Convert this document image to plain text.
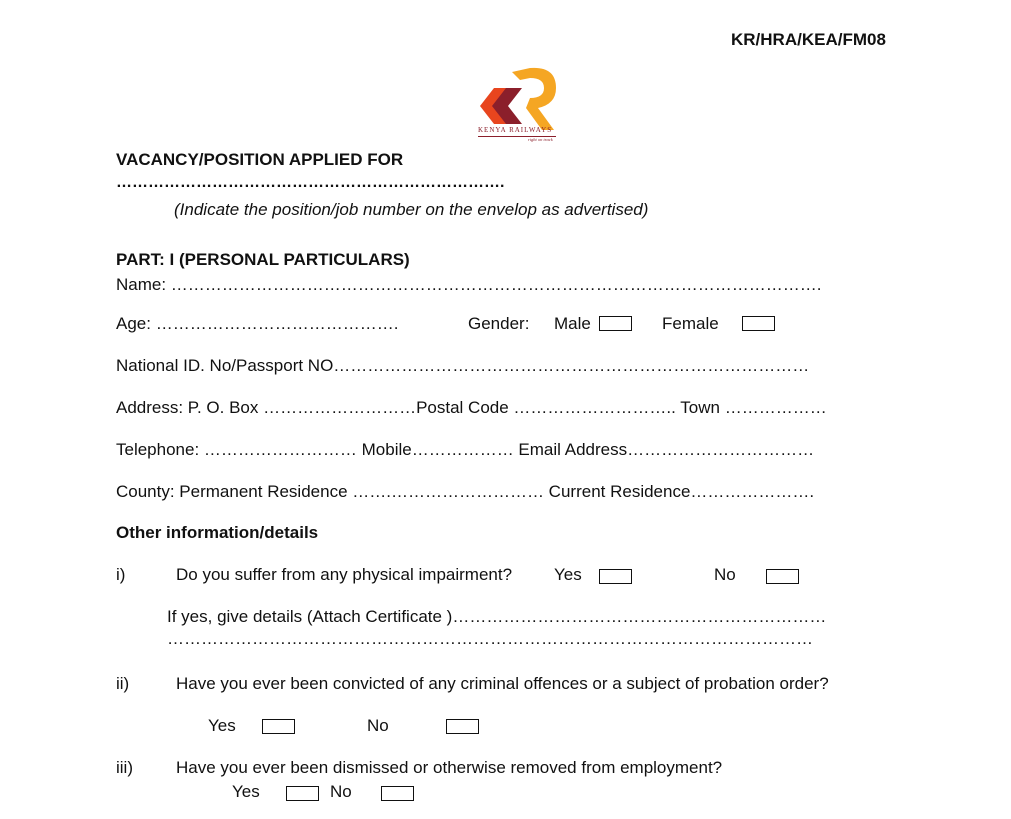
KR/HRA/KEA/FM08
KENYA RAILWAYS
right on track
VACANCY/POSITION APPLIED FOR
……………………………………………………………….
(Indicate the position/job number on the envelop as advertised)
PART: I (PERSONAL PARTICULARS)
Name: …………………………………………………………………………………………………….
Age: …………………………………….	Gender: Male	Female
National ID. No/Passport NO…………………………………………………………………………
Address: P. O. Box ………………………Postal Code ……………………….. Town ………………
Telephone: ……………………… Mobile……………… Email Address……………………………
County: Permanent Residence …….……………………… Current Residence………………….
Other information/details
i)	Do you suffer from any physical impairment? Yes	No
If yes, give details (Attach Certificate )…………………………………………………………
……………………………………………………………………………………………………
ii)	Have you ever been convicted of any criminal offences or a subject of probation order?
Yes	No
iii)	Have you ever been dismissed or otherwise removed from employment?
Yes	No
